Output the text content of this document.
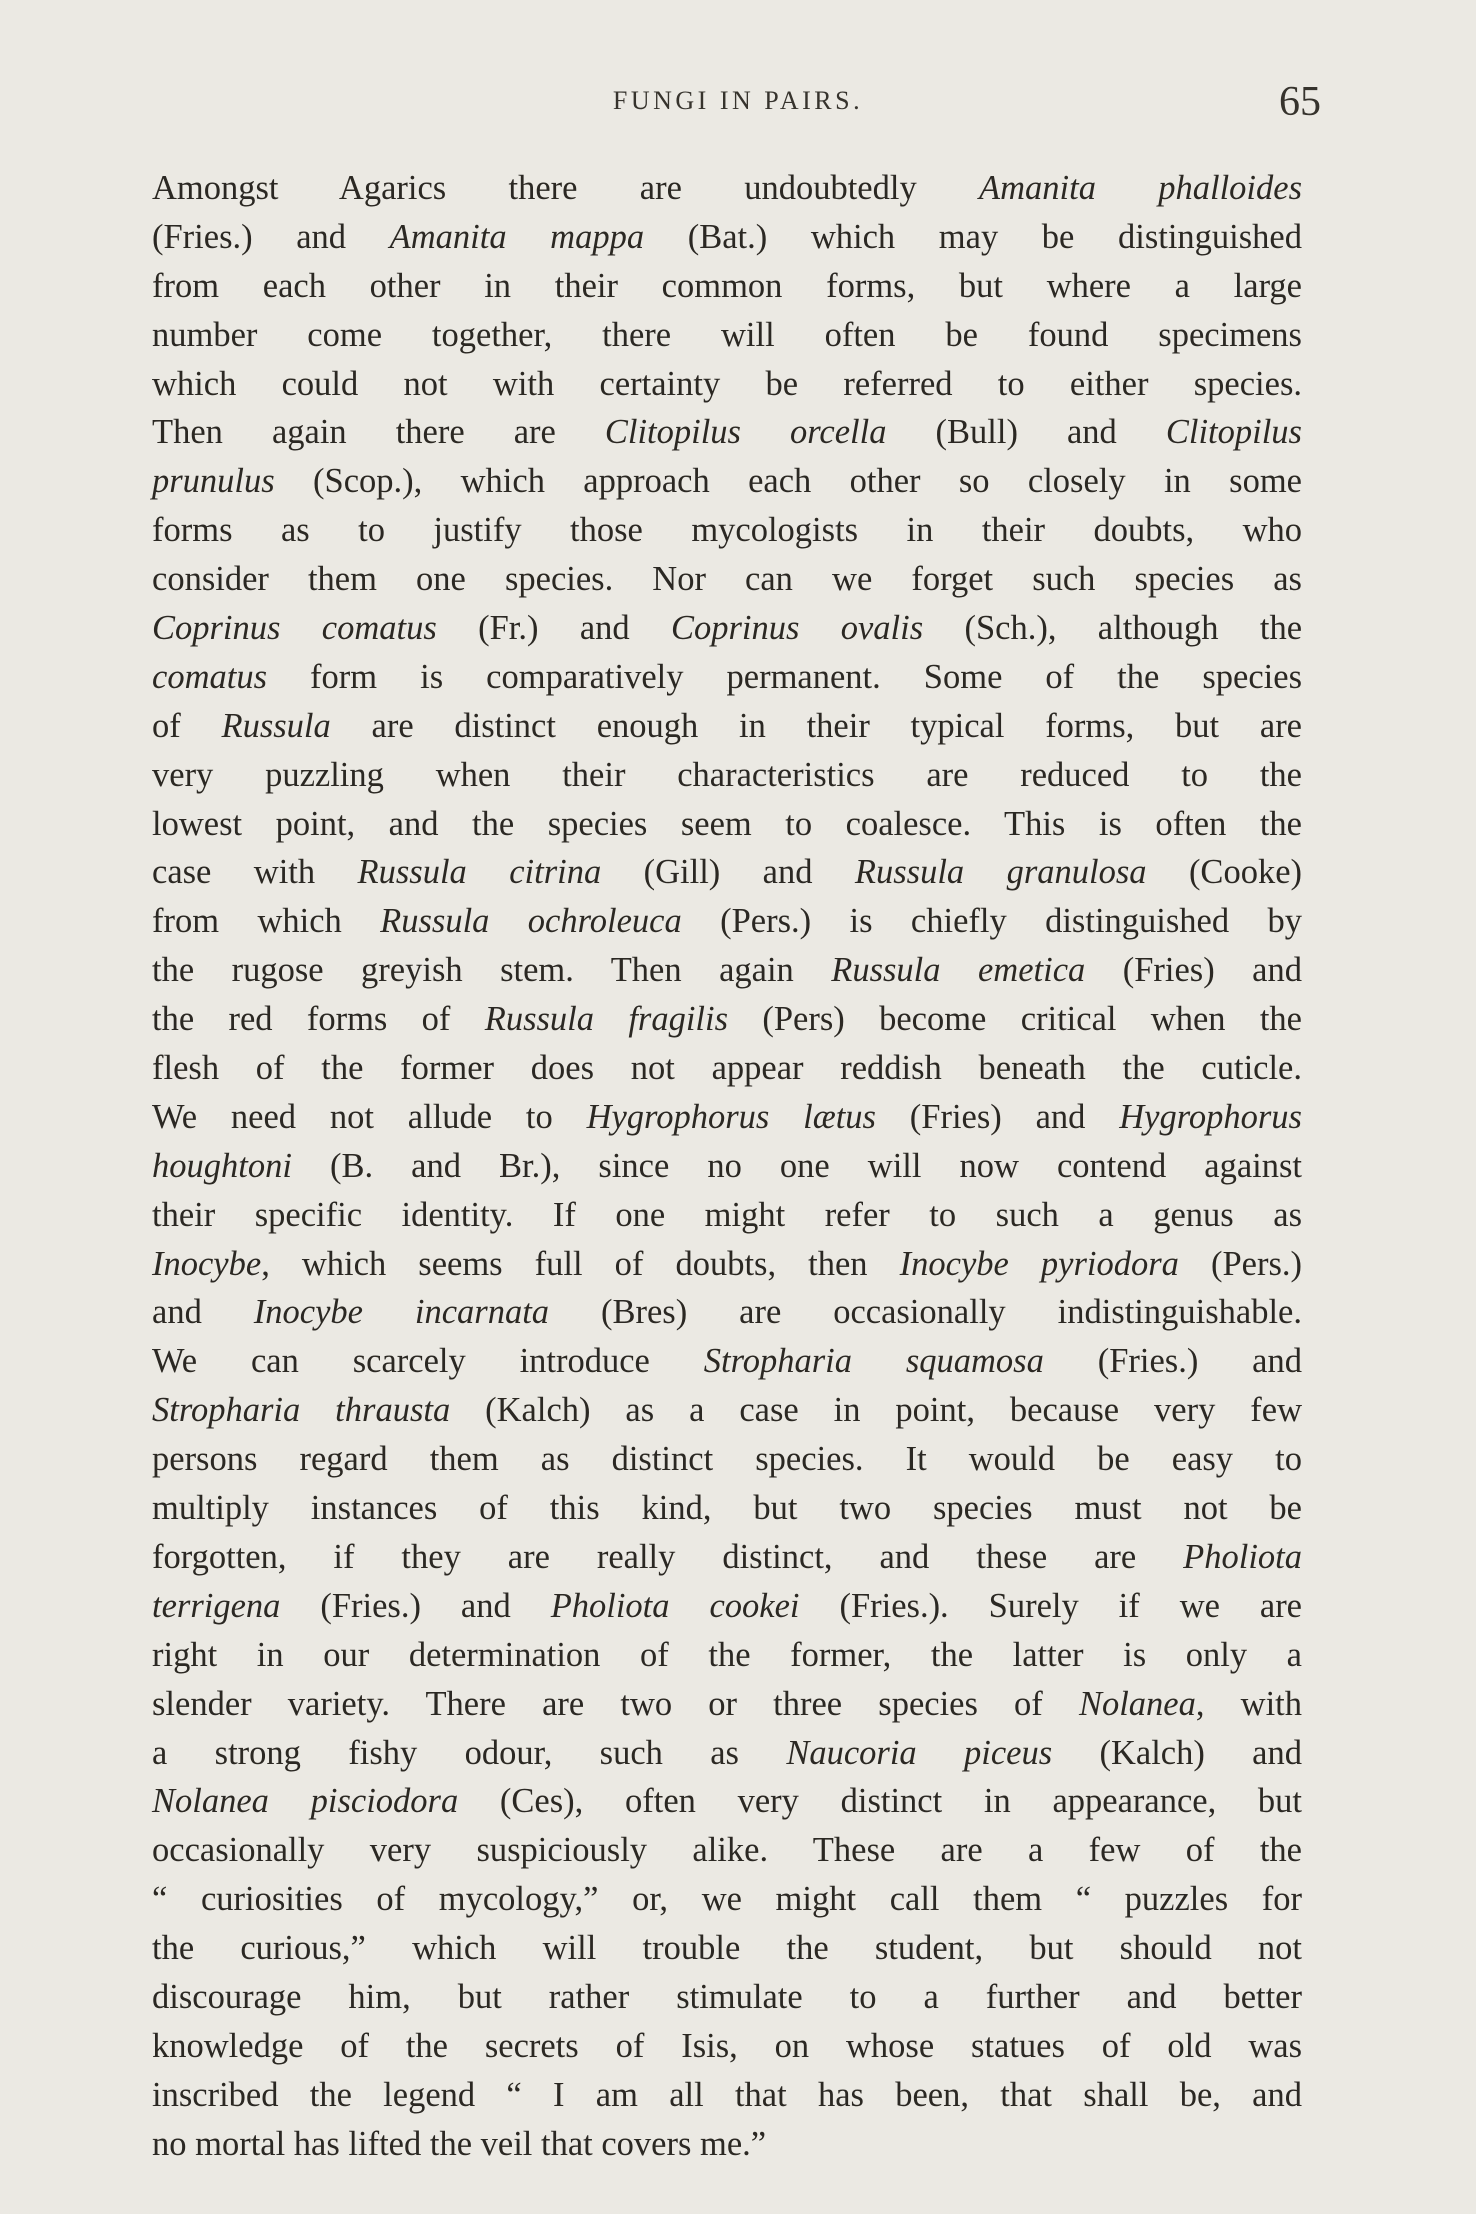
FUNGI IN PAIRS.	65
Amongst Agarics there are undoubtedly Amanita phalloides
(Fries.) and Amanita mappa (Bat.) which may be distinguished
from each other in their common forms, but where a large
number come together, there will often be found specimens
which could not with certainty be referred to either species.
Then again there are Clitopilus orcella (Bull) and Clitopilus
prunulus (Scop.), which approach each other so closely in some
forms as to justify those mycologists in their doubts, who
consider them one species. Nor can we forget such species as
Coprinus comatus (Fr.) and Coprinus ovalis (Sch.), although the
comatus form is comparatively permanent. Some of the species
of Russula are distinct enough in their typical forms, but are
very puzzling when their characteristics are reduced to the
lowest point, and the species seem to coalesce. This is often the
case with Russula citrina (Gill) and Russula granulosa (Cooke)
from which Russula ochroleuca (Pers.) is chiefly distinguished by
the rugose greyish stem. Then again Russula emetica (Fries) and
the red forms of Russula fragilis (Pers) become critical when the
flesh of the former does not appear reddish beneath the cuticle.
We need not allude to Hygrophorus lætus (Fries) and Hygrophorus
houghtoni (B. and Br.), since no one will now contend against
their specific identity. If one might refer to such a genus as
Inocybe, which seems full of doubts, then Inocybe pyriodora (Pers.)
and Inocybe incarnata (Bres) are occasionally indistinguishable.
We can scarcely introduce Stropharia squamosa (Fries.) and
Stropharia thrausta (Kalch) as a case in point, because very few
persons regard them as distinct species. It would be easy to
multiply instances of this kind, but two species must not be
forgotten, if they are really distinct, and these are Pholiota
terrigena (Fries.) and Pholiota cookei (Fries.). Surely if we are
right in our determination of the former, the latter is only a
slender variety. There are two or three species of Nolanea, with
a strong fishy odour, such as Naucoria piceus (Kalch) and
Nolanea pisciodora (Ces), often very distinct in appearance, but
occasionally very suspiciously alike. These are a few of the
“ curiosities of mycology,” or, we might call them “ puzzles for
the curious,” which will trouble the student, but should not
discourage him, but rather stimulate to a further and better
knowledge of the secrets of Isis, on whose statues of old was
inscribed the legend “ I am all that has been, that shall be, and
no mortal has lifted the veil that covers me.”
